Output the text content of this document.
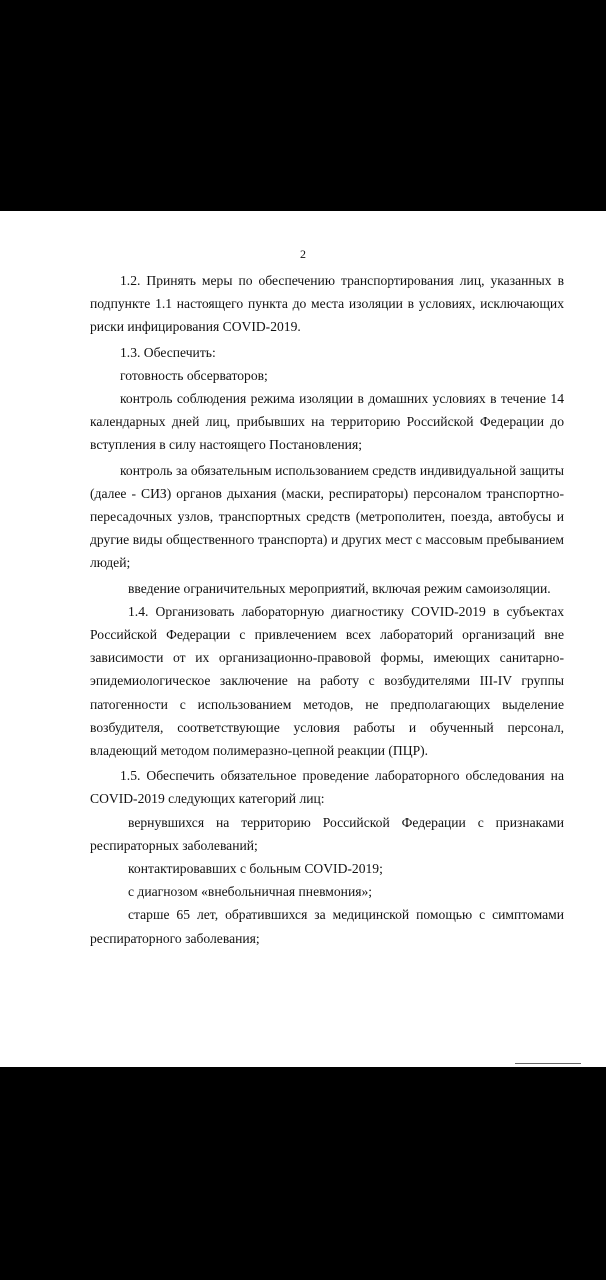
2

1.2. Принять меры по обеспечению транспортирования лиц, указанных в подпункте 1.1 настоящего пункта до места изоляции в условиях, исключающих риски инфицирования COVID-2019.

1.3. Обеспечить:

готовность обсерваторов;

контроль соблюдения режима изоляции в домашних условиях в течение 14 календарных дней лиц, прибывших на территорию Российской Федерации до вступления в силу настоящего Постановления;

контроль за обязательным использованием средств индивидуальной защиты (далее - СИЗ) органов дыхания (маски, респираторы) персоналом транспортно-пересадочных узлов, транспортных средств (метрополитен, поезда, автобусы и другие виды общественного транспорта) и других мест с массовым пребыванием людей;

введение ограничительных мероприятий, включая режим самоизоляции.

1.4. Организовать лабораторную диагностику COVID-2019 в субъектах Российской Федерации с привлечением всех лабораторий организаций вне зависимости от их организационно-правовой формы, имеющих санитарно-эпидемиологическое заключение на работу с возбудителями III-IV группы патогенности с использованием методов, не предполагающих выделение возбудителя, соответствующие условия работы и обученный персонал, владеющий методом полимеразно-цепной реакции (ПЦР).

1.5. Обеспечить обязательное проведение лабораторного обследования на COVID-2019 следующих категорий лиц:

вернувшихся на территорию Российской Федерации с признаками респираторных заболеваний;

контактировавших с больным COVID-2019;

с диагнозом «внебольничная пневмония»;

старше 65 лет, обратившихся за медицинской помощью с симптомами респираторного заболевания;
